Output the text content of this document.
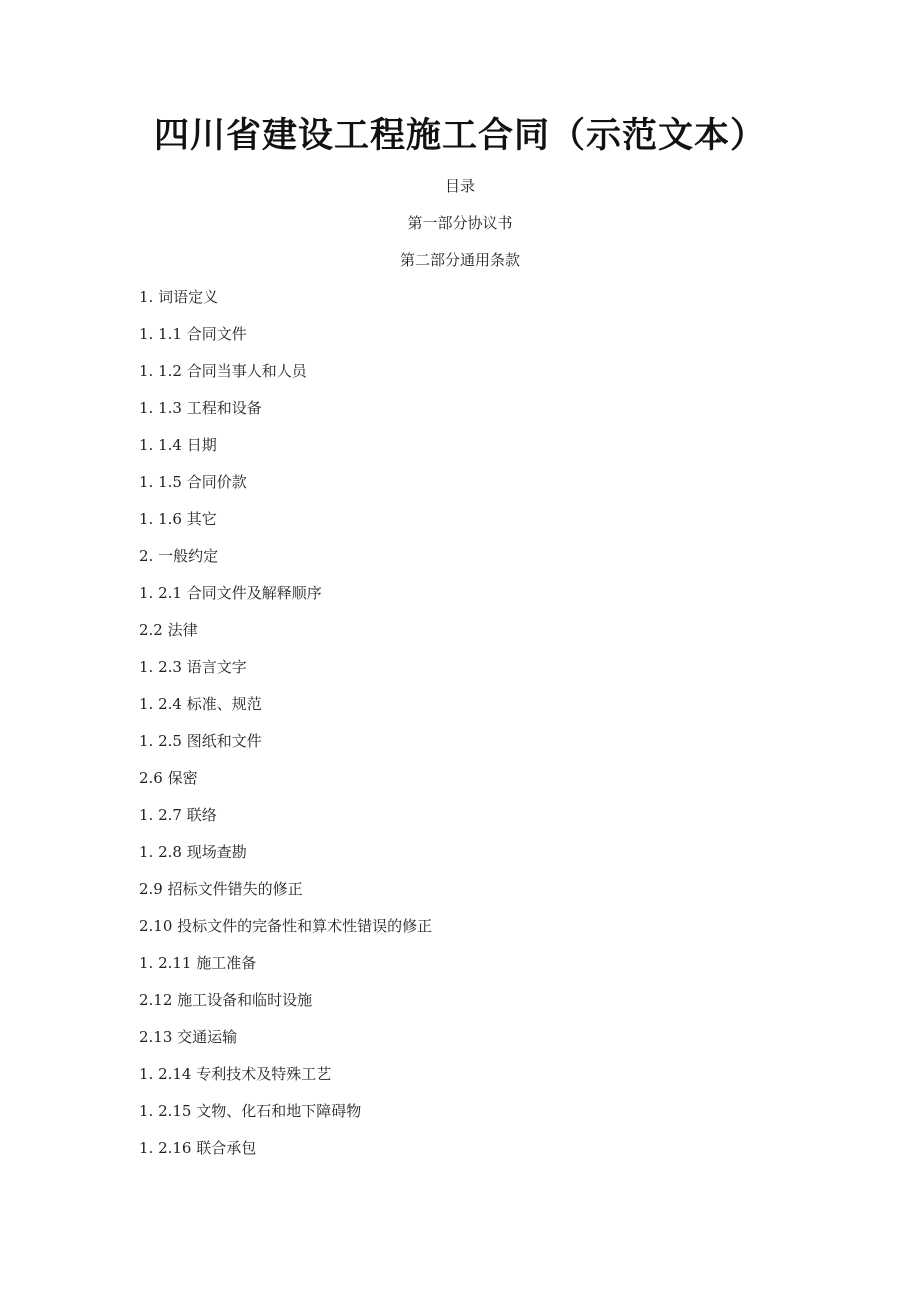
四川省建设工程施工合同（示范文本）
目录
第一部分协议书
第二部分通用条款
1. 词语定义
1. 1.1 合同文件
1. 1.2 合同当事人和人员
1. 1.3 工程和设备
1. 1.4 日期
1. 1.5 合同价款
1. 1.6 其它
2. 一般约定
1. 2.1 合同文件及解释顺序
2.2 法律
1. 2.3 语言文字
1. 2.4 标准、规范
1. 2.5 图纸和文件
2.6 保密
1. 2.7 联络
1. 2.8 现场查勘
2.9 招标文件错失的修正
2.10 投标文件的完备性和算术性错误的修正
1. 2.11 施工准备
2.12 施工设备和临时设施
2.13 交通运输
1. 2.14 专利技术及特殊工艺
1. 2.15 文物、化石和地下障碍物
1. 2.16 联合承包
